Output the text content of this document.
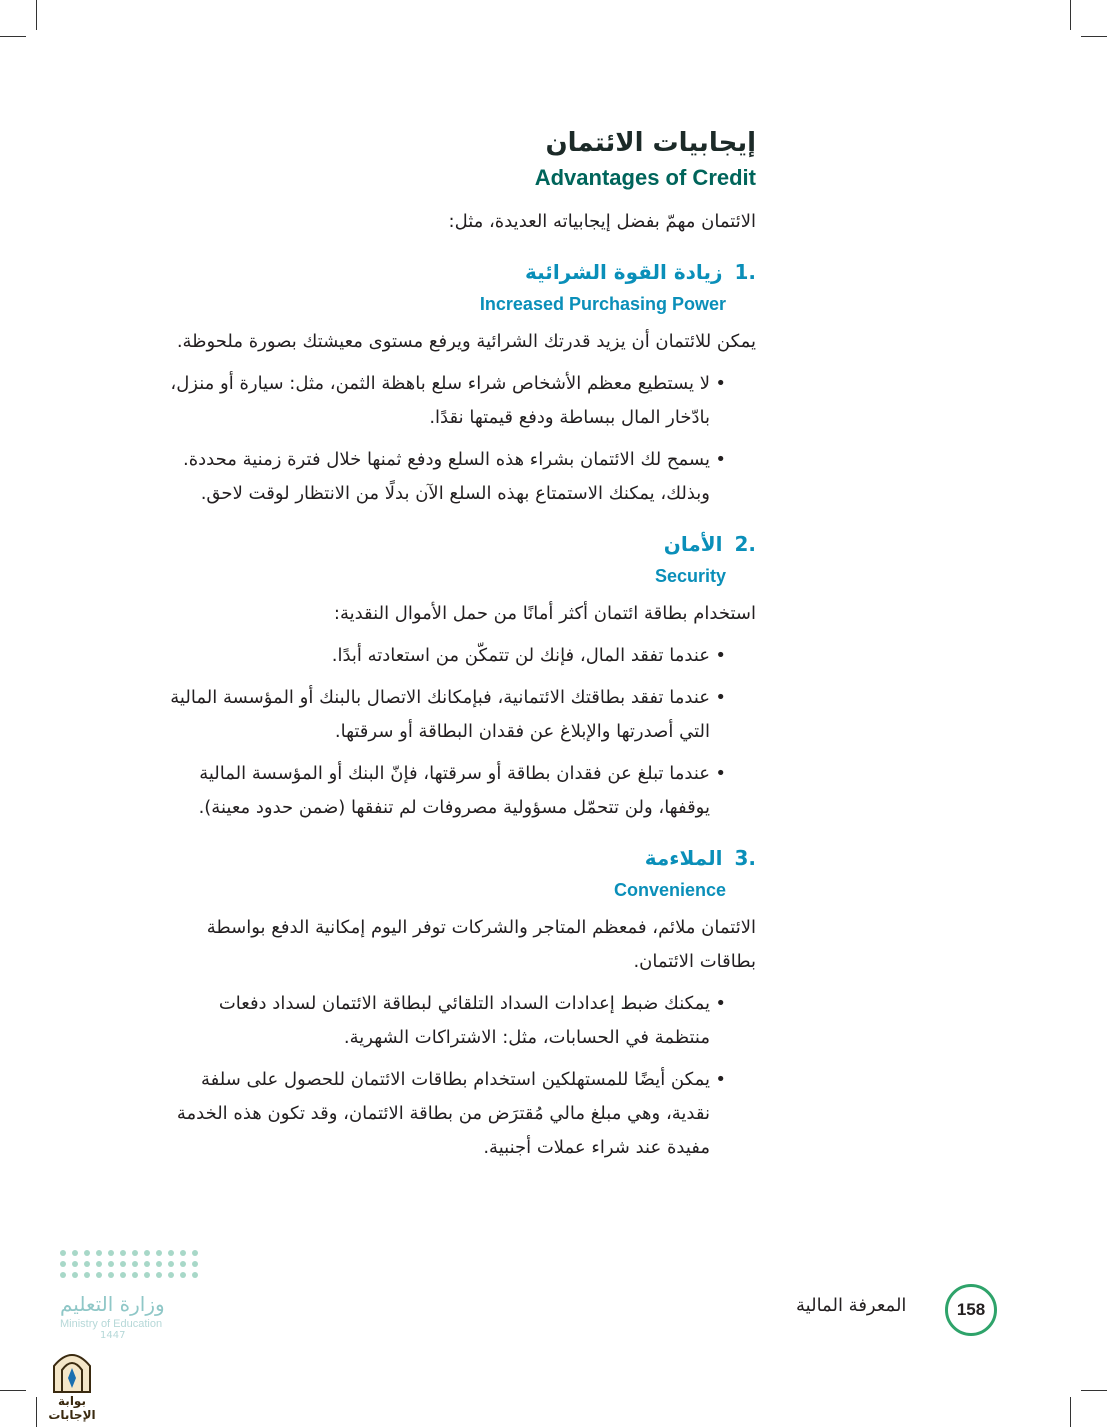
إيجابيات الائتمان
Advantages of Credit

الائتمان مهمّ بفضل إيجابياته العديدة، مثل:

.1زيادة القوة الشرائية
Increased Purchasing Power

يمكن للائتمان أن يزيد قدرتك الشرائية ويرفع مستوى معيشتك بصورة ملحوظة.

• لا يستطيع معظم الأشخاص شراء سلع باهظة الثمن، مثل: سيارة أو منزل، بادّخار المال ببساطة ودفع قيمتها نقدًا.
• يسمح لك الائتمان بشراء هذه السلع ودفع ثمنها خلال فترة زمنية محددة. وبذلك، يمكنك الاستمتاع بهذه السلع الآن بدلًا من الانتظار لوقت لاحق.
.2الأمان
Security

استخدام بطاقة ائتمان أكثر أمانًا من حمل الأموال النقدية:

• عندما تفقد المال، فإنك لن تتمكّن من استعادته أبدًا.
• عندما تفقد بطاقتك الائتمانية، فبإمكانك الاتصال بالبنك أو المؤسسة المالية التي أصدرتها والإبلاغ عن فقدان البطاقة أو سرقتها.
• عندما تبلغ عن فقدان بطاقة أو سرقتها، فإنّ البنك أو المؤسسة المالية يوقفها، ولن تتحمّل مسؤولية مصروفات لم تنفقها (ضمن حدود معينة).
.3الملاءمة
Convenience

الائتمان ملائم، فمعظم المتاجر والشركات توفر اليوم إمكانية الدفع بواسطة بطاقات الائتمان.

• يمكنك ضبط إعدادات السداد التلقائي لبطاقة الائتمان لسداد دفعات منتظمة في الحسابات، مثل: الاشتراكات الشهرية.
• يمكن أيضًا للمستهلكين استخدام بطاقات الائتمان للحصول على سلفة نقدية، وهي مبلغ مالي مُقترَض من بطاقة الائتمان، وقد تكون هذه الخدمة مفيدة عند شراء عملات أجنبية.
المعرفة المالية	158
وزارة التعليم
Ministry of Education
1447
بوابة الإجابات
